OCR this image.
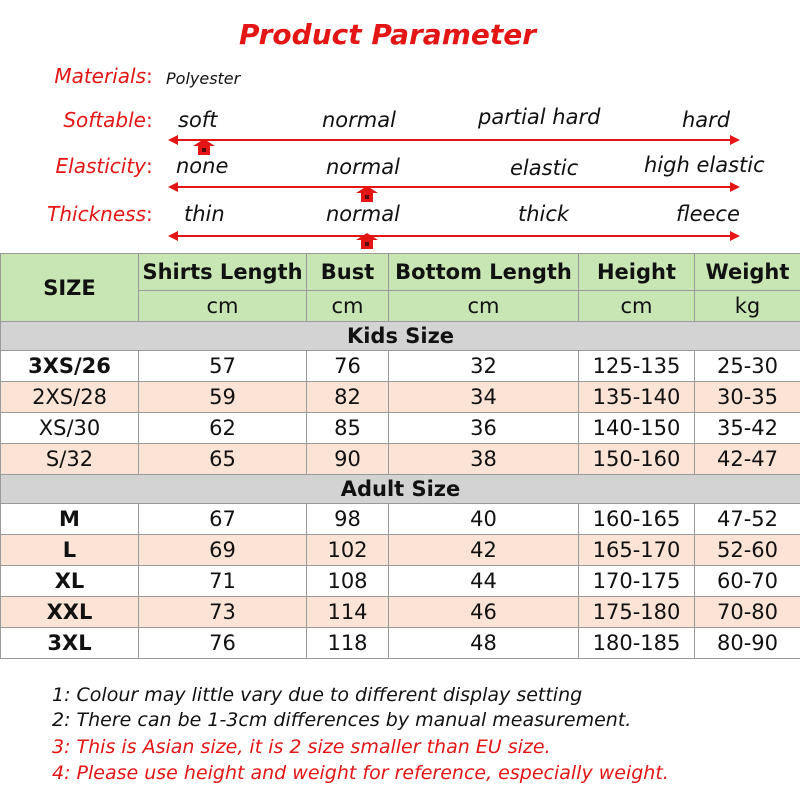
Product Parameter
Materials : Polyester
Softable : soft	normal	partial hard	hard
Elasticity : none	normal	elastic	high elastic
Thickness : thin	normal	thick	fleece
SIZE	Shirts Length	Bust	Bottom Length	Height	Weight
	cm	cm	cm	cm	kg
Kids Size					
3XS/26	57	76	32	125-135	25-30
2XS/28	59	82	34	135-140	30-35
XS/30	62	85	36	140-150	35-42
S/32	65	90	38	150-160	42-47
Adult Size					
M	67	98	40	160-165	47-52
L	69	102	42	165-170	52-60
XL	71	108	44	170-175	60-70
XXL	73	114	46	175-180	70-80
3XL	76	118	48	180-185	80-90
1: Colour may little vary due to different display setting
2: There can be 1-3cm differences by manual measurement.
3: This is Asian size, it is 2 size smaller than EU size.
4: Please use height and weight for reference, especially weight.
